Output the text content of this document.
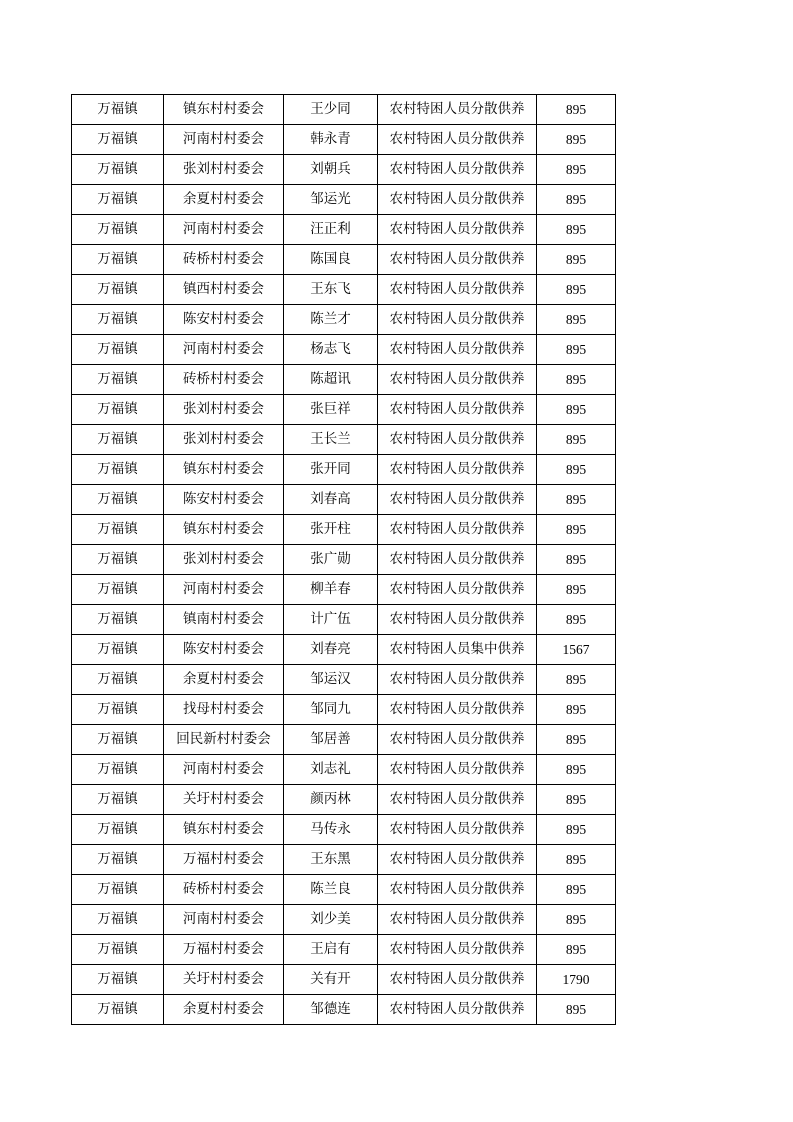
万福镇	镇东村村委会	王少同	农村特困人员分散供养	895
万福镇	河南村村委会	韩永青	农村特困人员分散供养	895
万福镇	张刘村村委会	刘朝兵	农村特困人员分散供养	895
万福镇	余夏村村委会	邹运光	农村特困人员分散供养	895
万福镇	河南村村委会	汪正利	农村特困人员分散供养	895
万福镇	砖桥村村委会	陈国良	农村特困人员分散供养	895
万福镇	镇西村村委会	王东飞	农村特困人员分散供养	895
万福镇	陈安村村委会	陈兰才	农村特困人员分散供养	895
万福镇	河南村村委会	杨志飞	农村特困人员分散供养	895
万福镇	砖桥村村委会	陈超讯	农村特困人员分散供养	895
万福镇	张刘村村委会	张巨祥	农村特困人员分散供养	895
万福镇	张刘村村委会	王长兰	农村特困人员分散供养	895
万福镇	镇东村村委会	张开同	农村特困人员分散供养	895
万福镇	陈安村村委会	刘春高	农村特困人员分散供养	895
万福镇	镇东村村委会	张开柱	农村特困人员分散供养	895
万福镇	张刘村村委会	张广勋	农村特困人员分散供养	895
万福镇	河南村村委会	柳羊春	农村特困人员分散供养	895
万福镇	镇南村村委会	计广伍	农村特困人员分散供养	895
万福镇	陈安村村委会	刘春亮	农村特困人员集中供养	1567
万福镇	余夏村村委会	邹运汉	农村特困人员分散供养	895
万福镇	找母村村委会	邹同九	农村特困人员分散供养	895
万福镇	回民新村村委会	邹居善	农村特困人员分散供养	895
万福镇	河南村村委会	刘志礼	农村特困人员分散供养	895
万福镇	关圩村村委会	颜丙林	农村特困人员分散供养	895
万福镇	镇东村村委会	马传永	农村特困人员分散供养	895
万福镇	万福村村委会	王东黑	农村特困人员分散供养	895
万福镇	砖桥村村委会	陈兰良	农村特困人员分散供养	895
万福镇	河南村村委会	刘少美	农村特困人员分散供养	895
万福镇	万福村村委会	王启有	农村特困人员分散供养	895
万福镇	关圩村村委会	关有开	农村特困人员分散供养	1790
万福镇	余夏村村委会	邹德连	农村特困人员分散供养	895
